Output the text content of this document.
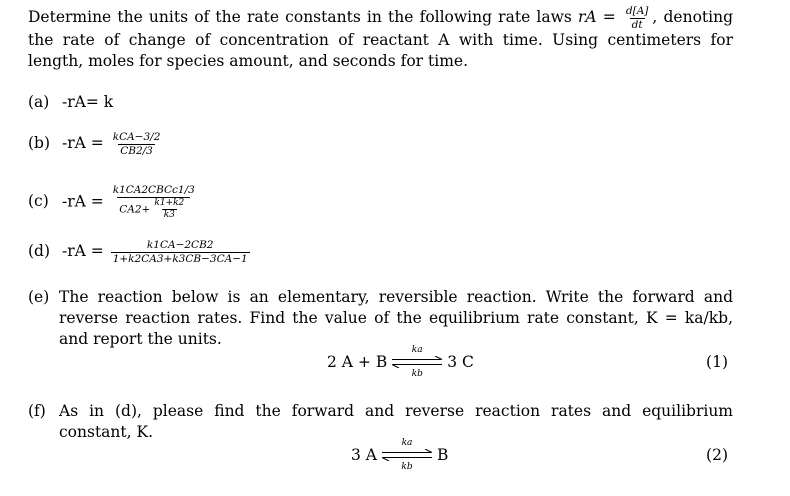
Determine the units of the rate constants in the following rate laws rA = $\frac{d[A]}{dt}$ , denoting the rate of change of concentration of reactant A with time. Using centimeters for length, moles for species amount, and seconds for time.
(a) -rA= k
(b) $-rA = \frac{\text{kCA−3/2}}{CB2/3}$
(c) $-rA = \frac{\text{k1CA2CBCc1/3}}{CA2+ \frac{k1+k2}{k3}}$
(d) $-rA = \frac{k1CA-2CB2}{1+k2CA3+k3CB-3CA-1}$
(e) The reaction below is an elementary, reversible reaction. Write the forward and reverse reaction rates. Find the value of the equilibrium rate constant, K = ka/kb, and report the units.
2 A + B
ka
kb
3 C	(1)
(f) As in (d), please find the forward and reverse reaction rates and equilibrium constant, K.
3 A
ka
kb
B	(2)
